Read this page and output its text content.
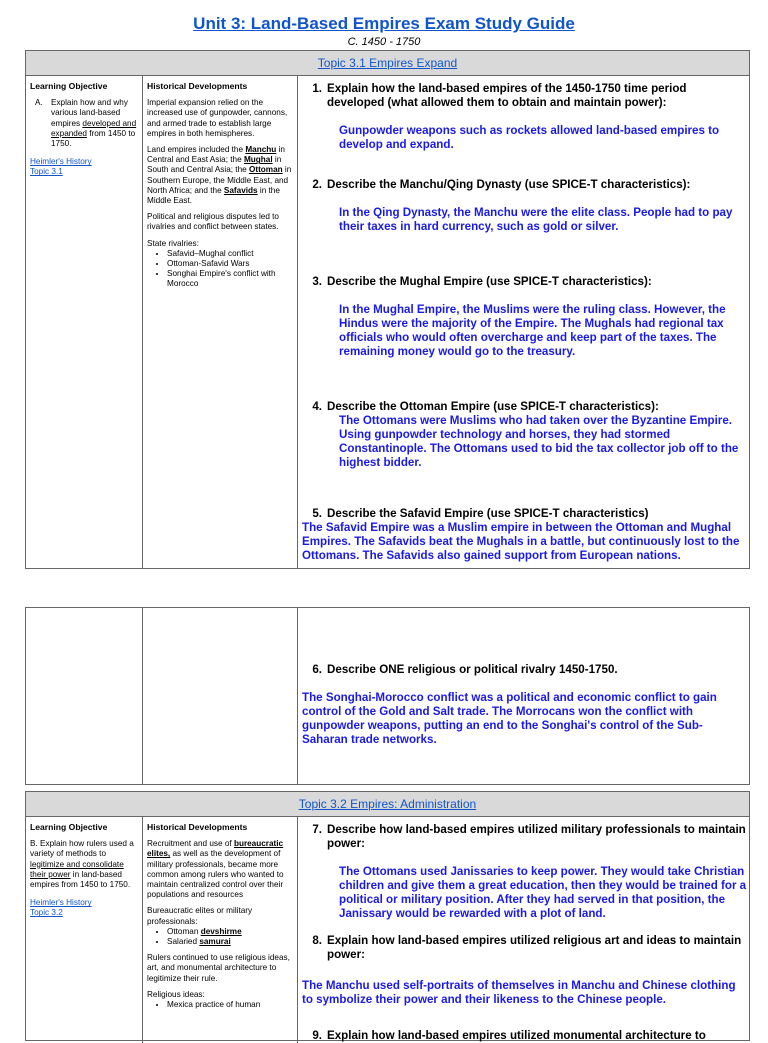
Unit 3: Land-Based Empires Exam Study Guide
C. 1450 - 1750
Topic 3.1 Empires Expand
Learning Objective
A.	Explain how and why various land-based empires developed and expanded from 1450 to 1750.
Heimler's History
Topic 3.1
Historical Developments

Imperial expansion relied on the increased use of gunpowder, cannons, and armed trade to establish large empires in both hemispheres.

Land empires included the Manchu in Central and East Asia; the Mughal in South and Central Asia; the Ottoman in Southern Europe, the Middle East, and North Africa; and the Safavids in the Middle East.

Political and religious disputes led to rivalries and conflict between states.

State rivalries:
• Safavid–Mughal conflict
• Ottoman-Safavid Wars
• Songhai Empire's conflict with Morocco
1. Explain how the land-based empires of the 1450-1750 time period developed (what allowed them to obtain and maintain power):

Gunpowder weapons such as rockets allowed land-based empires to develop and expand.

2. Describe the Manchu/Qing Dynasty (use SPICE-T characteristics):

In the Qing Dynasty, the Manchu were the elite class. People had to pay their taxes in hard currency, such as gold or silver.

3. Describe the Mughal Empire (use SPICE-T characteristics):

In the Mughal Empire, the Muslims were the ruling class. However, the Hindus were the majority of the Empire. The Mughals had regional tax officials who would often overcharge and keep part of the taxes. The remaining money would go to the treasury.

4. Describe the Ottoman Empire (use SPICE-T characteristics):

The Ottomans were Muslims who had taken over the Byzantine Empire. Using gunpowder technology and horses, they had stormed Constantinople. The Ottomans used to bid the tax collector job off to the highest bidder.

5. Describe the Safavid Empire (use SPICE-T characteristics)

The Safavid Empire was a Muslim empire in between the Ottoman and Mughal Empires. The Safavids beat the Mughals in a battle, but continuously lost to the Ottomans. The Safavids also gained support from European nations.

6. Describe ONE religious or political rivalry 1450-1750.

The Songhai-Morocco conflict was a political and economic conflict to gain control of the Gold and Salt trade. The Morrocans won the conflict with gunpowder weapons, putting an end to the Songhai's control of the Sub-Saharan trade networks.

Topic 3.2 Empires: Administration
Learning Objective
B. Explain how rulers used a variety of methods to legitimize and consolidate their power in land-based empires from 1450 to 1750.
Heimler's History
Topic 3.2
Historical Developments

Recruitment and use of bureaucratic elites, as well as the development of military professionals, became more common among rulers who wanted to maintain centralized control over their populations and resources

Bureaucratic elites or military professionals:
• Ottoman devshirme
• Salaried samurai

Rulers continued to use religious ideas, art, and monumental architecture to legitimize their rule.

Religious ideas:
• Mexica practice of human
7. Describe how land-based empires utilized military professionals to maintain power:

The Ottomans used Janissaries to keep power. They would take Christian children and give them a great education, then they would be trained for a political or military position. After they had served in that position, the Janissary would be rewarded with a plot of land.

8. Explain how land-based empires utilized religious art and ideas to maintain power:

The Manchu used self-portraits of themselves in Manchu and Chinese clothing to symbolize their power and their likeness to the Chinese people.

9. Explain how land-based empires utilized monumental architecture to
